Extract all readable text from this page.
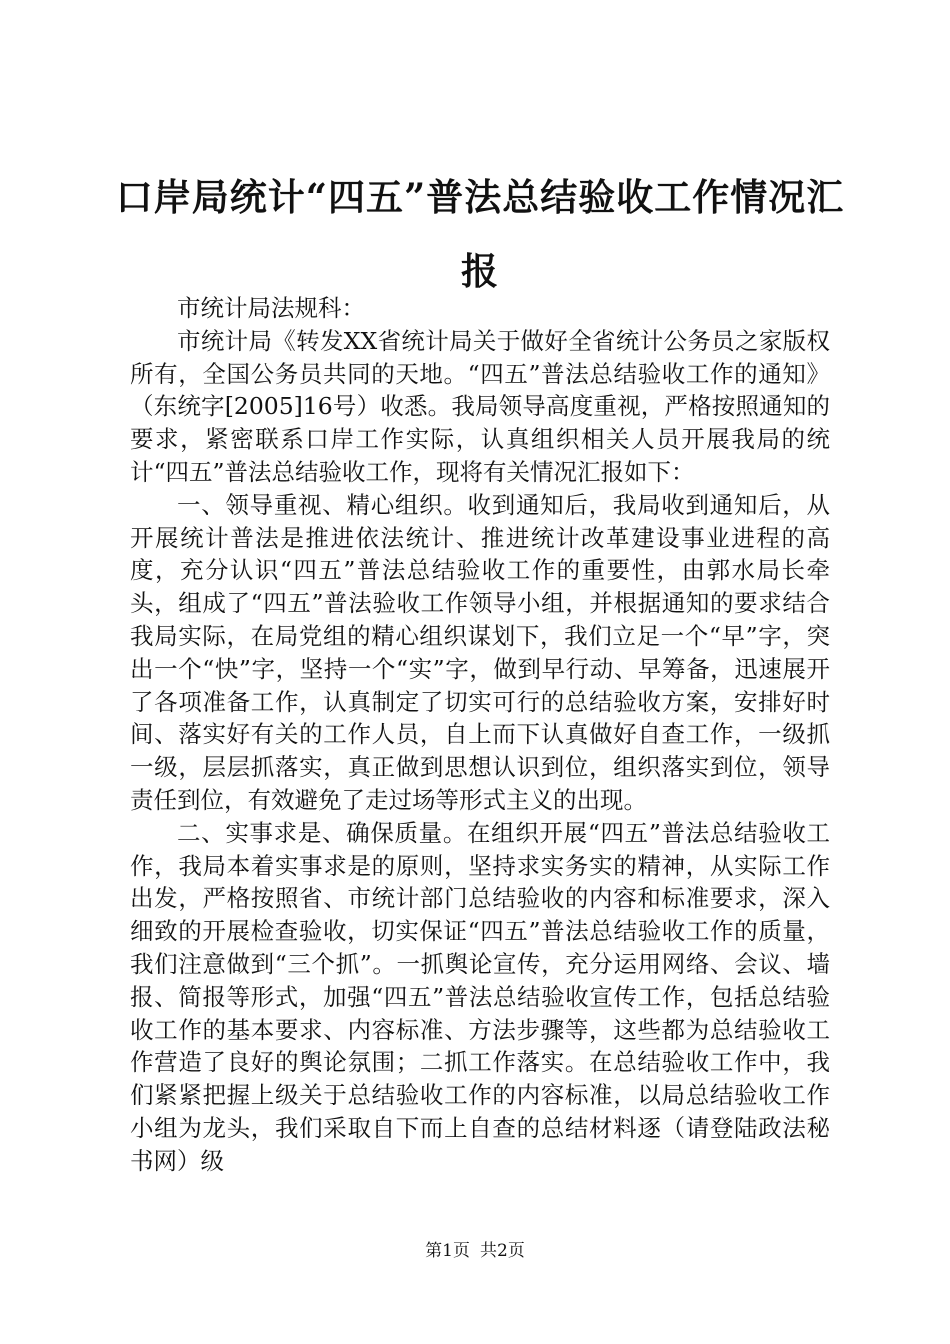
口岸局统计“四五”普法总结验收工作情况汇报

市统计局法规科：

市统计局《转发XX省统计局关于做好全省统计公务员之家版权所有，全国公务员共同的天地。“四五”普法总结验收工作的通知》（东统字[2005]16号）收悉。我局领导高度重视，严格按照通知的要求，紧密联系口岸工作实际，认真组织相关人员开展我局的统计“四五”普法总结验收工作，现将有关情况汇报如下：

一、领导重视、精心组织。收到通知后，我局收到通知后，从开展统计普法是推进依法统计、推进统计改革建设事业进程的高度，充分认识“四五”普法总结验收工作的重要性，由郭水局长牵头，组成了“四五”普法验收工作领导小组，并根据通知的要求结合我局实际，在局党组的精心组织谋划下，我们立足一个“早”字，突出一个“快”字，坚持一个“实”字，做到早行动、早筹备，迅速展开了各项准备工作，认真制定了切实可行的总结验收方案，安排好时间、落实好有关的工作人员，自上而下认真做好自查工作，一级抓一级，层层抓落实，真正做到思想认识到位，组织落实到位，领导责任到位，有效避免了走过场等形式主义的出现。

二、实事求是、确保质量。在组织开展“四五”普法总结验收工作，我局本着实事求是的原则，坚持求实务实的精神，从实际工作出发，严格按照省、市统计部门总结验收的内容和标准要求，深入细致的开展检查验收，切实保证“四五”普法总结验收工作的质量，我们注意做到“三个抓”。一抓舆论宣传，充分运用网络、会议、墙报、简报等形式，加强“四五”普法总结验收宣传工作，包括总结验收工作的基本要求、内容标准、方法步骤等，这些都为总结验收工作营造了良好的舆论氛围；二抓工作落实。在总结验收工作中，我们紧紧把握上级关于总结验收工作的内容标准，以局总结验收工作小组为龙头，我们采取自下而上自查的总结材料逐（请登陆政法秘书网）级

第1页 共2页
